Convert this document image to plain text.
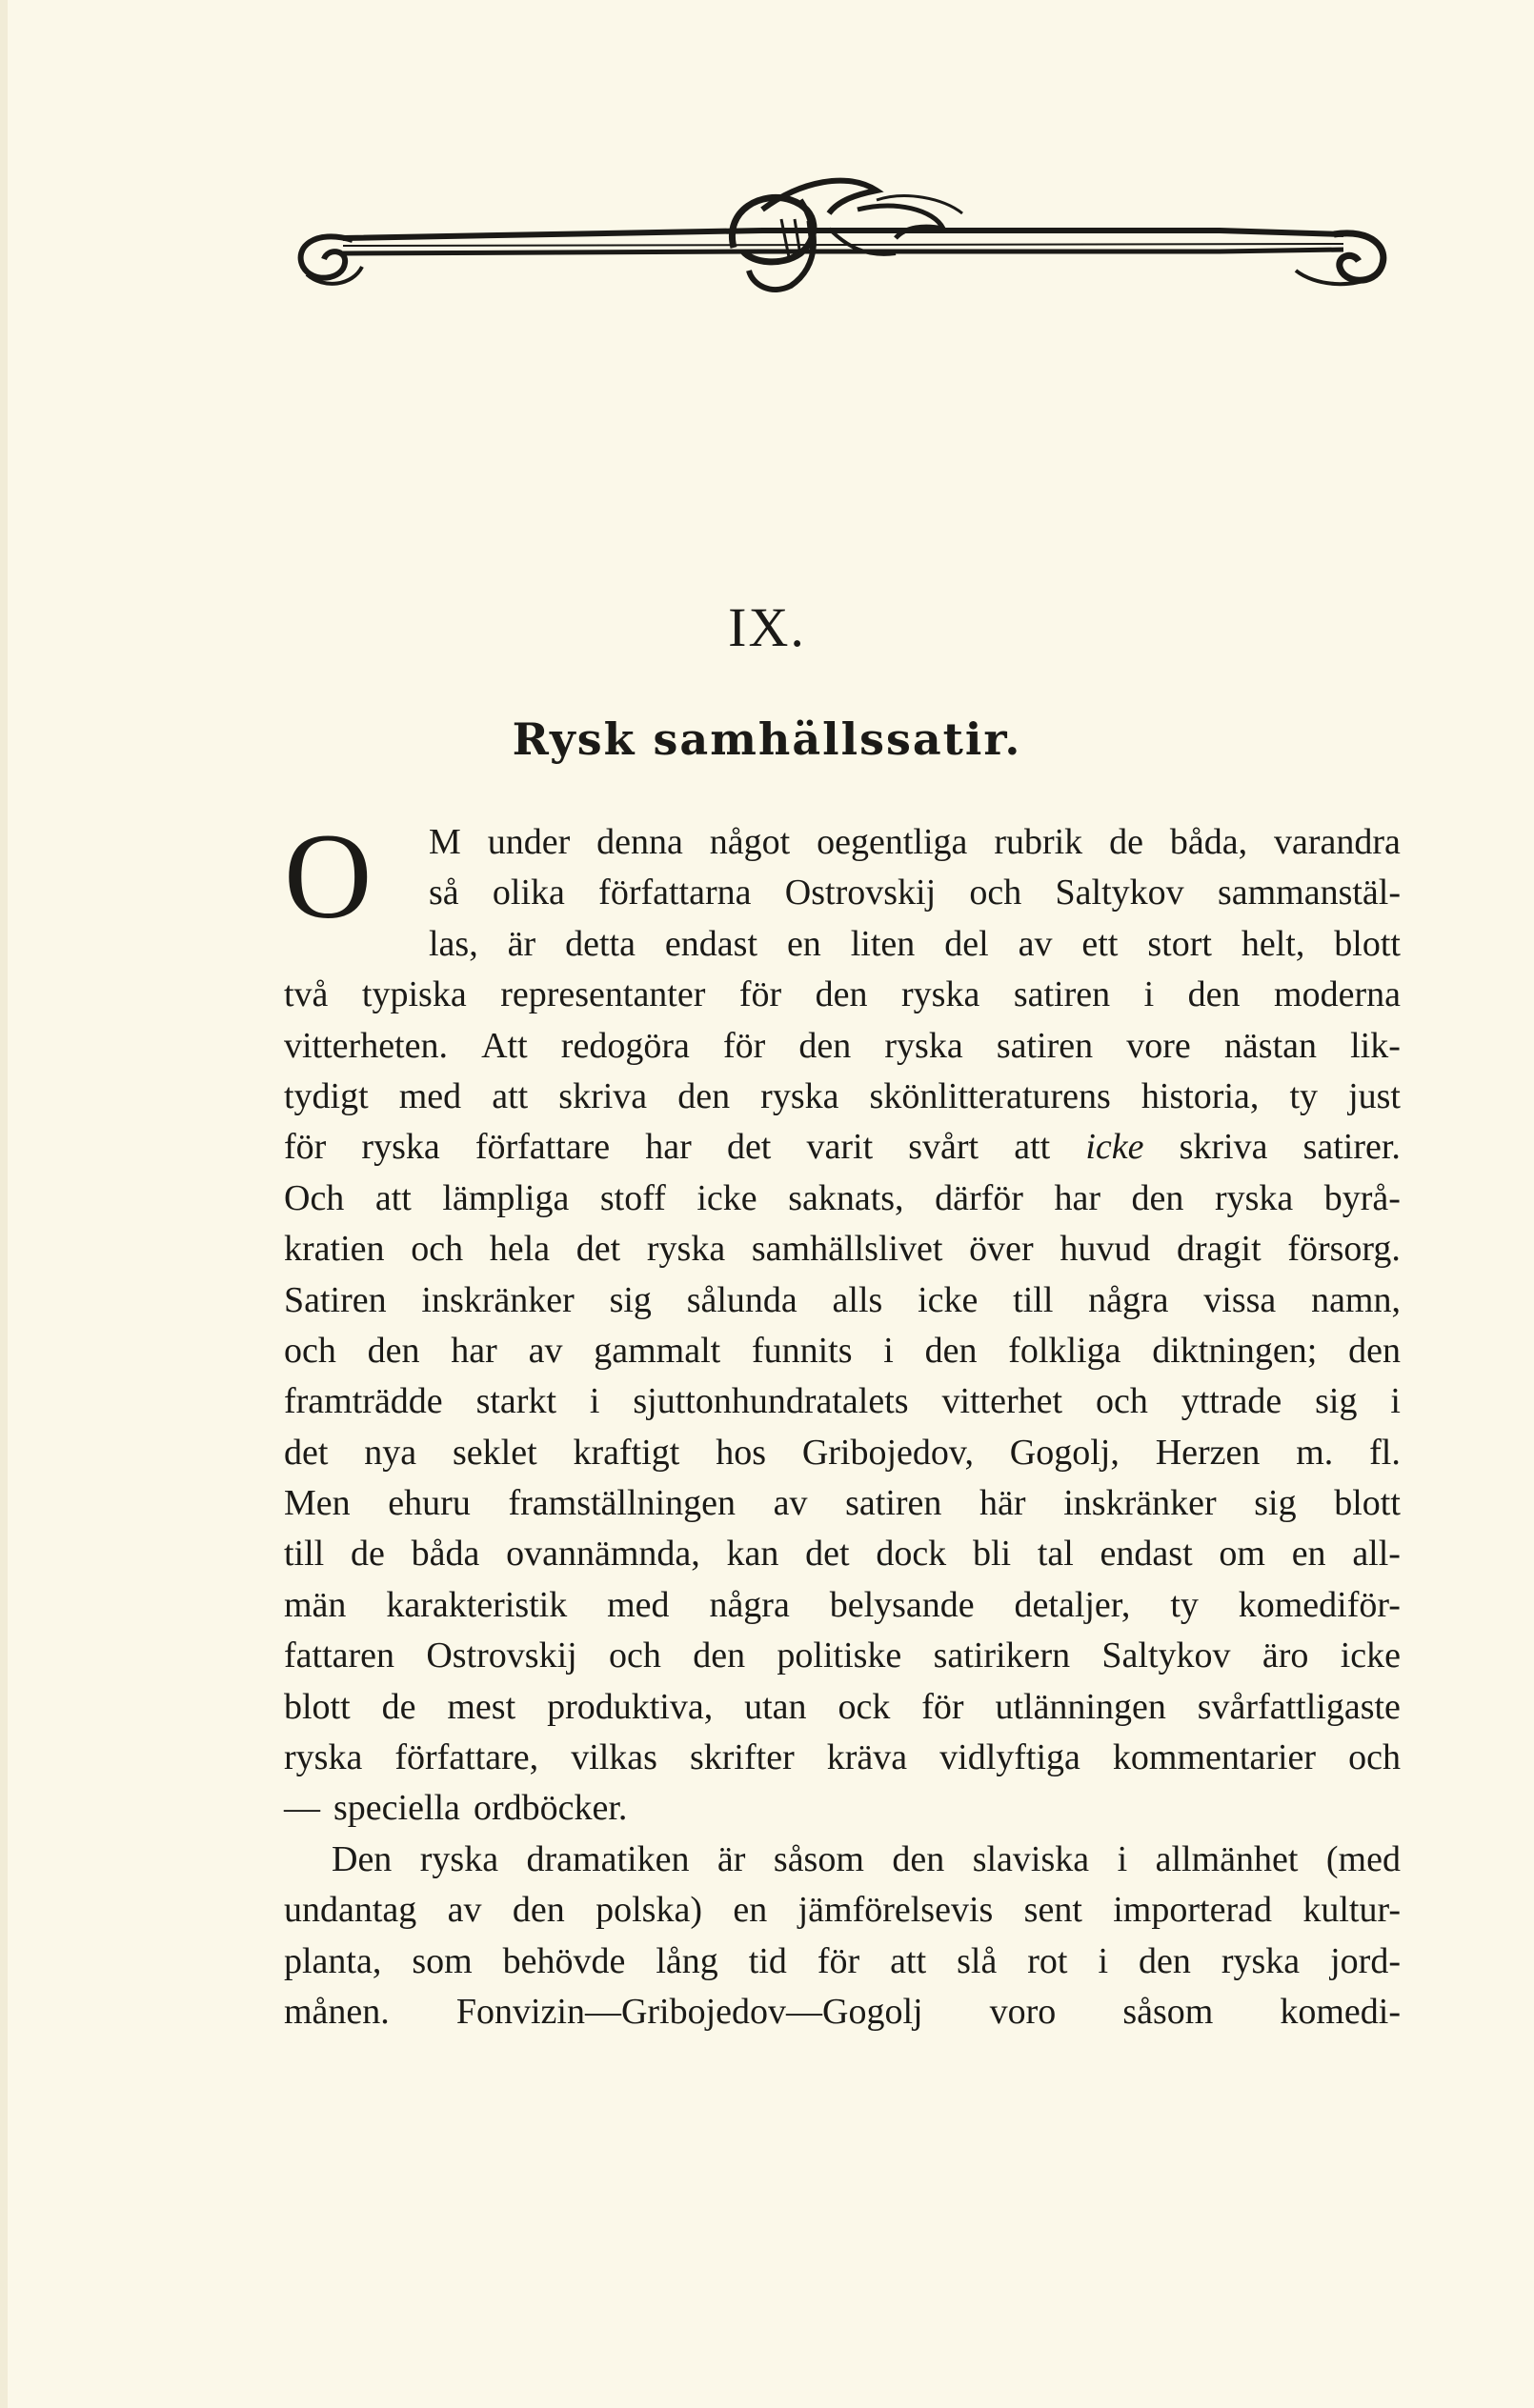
IX.
Rysk samhällssatir.
O M under denna något oegentliga rubrik de båda, varandra
så olika författarna Ostrovskij och Saltykov sammanstäl-
las, är detta endast en liten del av ett stort helt, blott
två typiska representanter för den ryska satiren i den moderna
vitterheten. Att redogöra för den ryska satiren vore nästan lik-
tydigt med att skriva den ryska skönlitteraturens historia, ty just
för ryska författare har det varit svårt att icke skriva satirer.
Och att lämpliga stoff icke saknats, därför har den ryska byrå-
kratien och hela det ryska samhällslivet över huvud dragit försorg.
Satiren inskränker sig sålunda alls icke till några vissa namn,
och den har av gammalt funnits i den folkliga diktningen; den
framträdde starkt i sjuttonhundratalets vitterhet och yttrade sig i
det nya seklet kraftigt hos Gribojedov, Gogolj, Herzen m. fl.
Men ehuru framställningen av satiren här inskränker sig blott
till de båda ovannämnda, kan det dock bli tal endast om en all-
män karakteristik med några belysande detaljer, ty komediför-
fattaren Ostrovskij och den politiske satirikern Saltykov äro icke
blott de mest produktiva, utan ock för utlänningen svårfattligaste
ryska författare, vilkas skrifter kräva vidlyftiga kommentarier och
— speciella ordböcker.
Den ryska dramatiken är såsom den slaviska i allmänhet (med
undantag av den polska) en jämförelsevis sent importerad kultur-
planta, som behövde lång tid för att slå rot i den ryska jord-
månen. Fonvizin—Gribojedov—Gogolj voro såsom komedi-
